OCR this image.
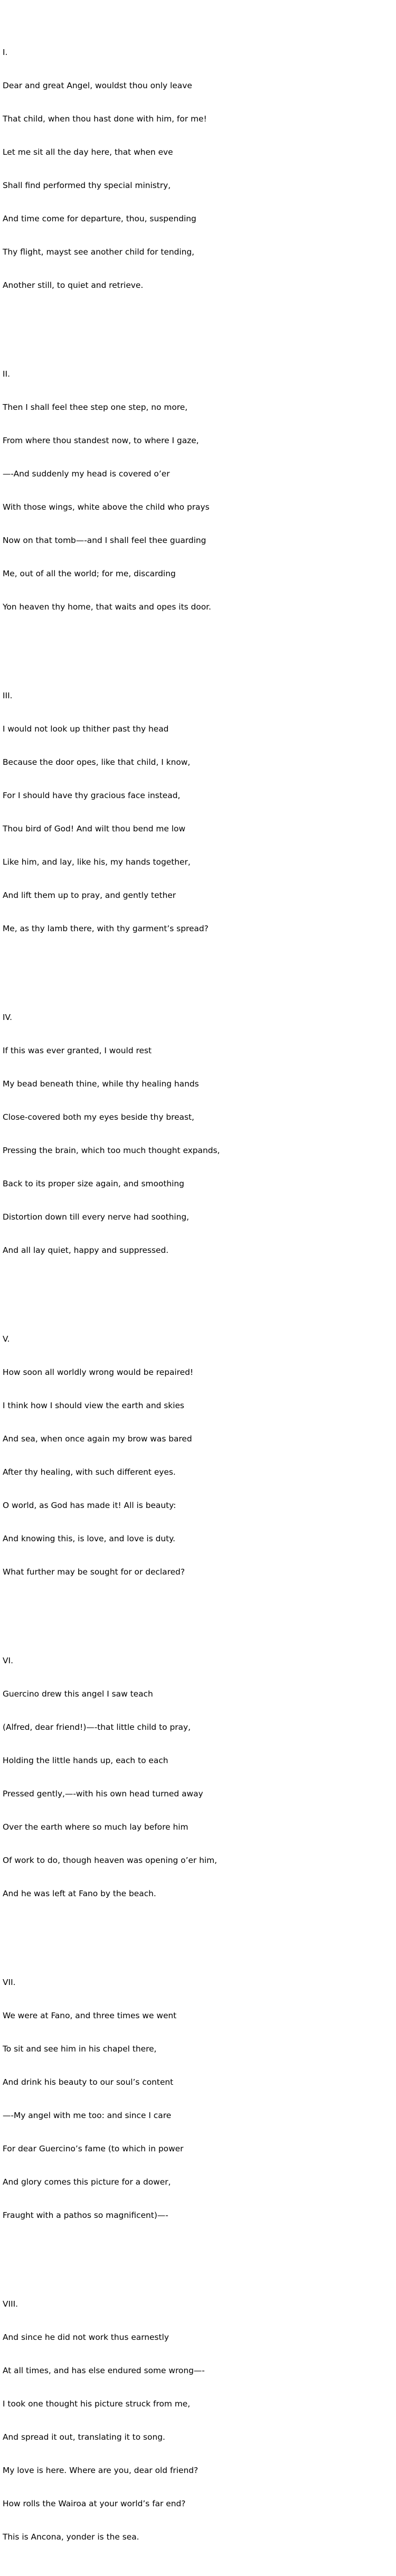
I.

Dear and great Angel, wouldst thou only leave

That child, when thou hast done with him, for me!

Let me sit all the day here, that when eve

Shall find performed thy special ministry,

And time come for departure, thou, suspending

Thy flight, mayst see another child for tending,

Another still, to quiet and retrieve.

II.

Then I shall feel thee step one step, no more,

From where thou standest now, to where I gaze,

—-And suddenly my head is covered o’er

With those wings, white above the child who prays

Now on that tomb—-and I shall feel thee guarding

Me, out of all the world; for me, discarding

Yon heaven thy home, that waits and opes its door.

III.

I would not look up thither past thy head

Because the door opes, like that child, I know,

For I should have thy gracious face instead,

Thou bird of God! And wilt thou bend me low

Like him, and lay, like his, my hands together,

And lift them up to pray, and gently tether

Me, as thy lamb there, with thy garment’s spread?

IV.

If this was ever granted, I would rest

My bead beneath thine, while thy healing hands

Close-covered both my eyes beside thy breast,

Pressing the brain, which too much thought expands,

Back to its proper size again, and smoothing

Distortion down till every nerve had soothing,

And all lay quiet, happy and suppressed.

V.

How soon all worldly wrong would be repaired!

I think how I should view the earth and skies

And sea, when once again my brow was bared

After thy healing, with such different eyes.

O world, as God has made it! All is beauty:

And knowing this, is love, and love is duty.

What further may be sought for or declared?

VI.

Guercino drew this angel I saw teach

(Alfred, dear friend!)—-that little child to pray,

Holding the little hands up, each to each

Pressed gently,—-with his own head turned away

Over the earth where so much lay before him

Of work to do, though heaven was opening o’er him,

And he was left at Fano by the beach.

VII.

We were at Fano, and three times we went

To sit and see him in his chapel there,

And drink his beauty to our soul’s content

—-My angel with me too: and since I care

For dear Guercino’s fame (to which in power

And glory comes this picture for a dower,

Fraught with a pathos so magnificent)—-

VIII.

And since he did not work thus earnestly

At all times, and has else endured some wrong—-

I took one thought his picture struck from me,

And spread it out, translating it to song.

My love is here. Where are you, dear old friend?

How rolls the Wairoa at your world’s far end?

This is Ancona, yonder is the sea.
